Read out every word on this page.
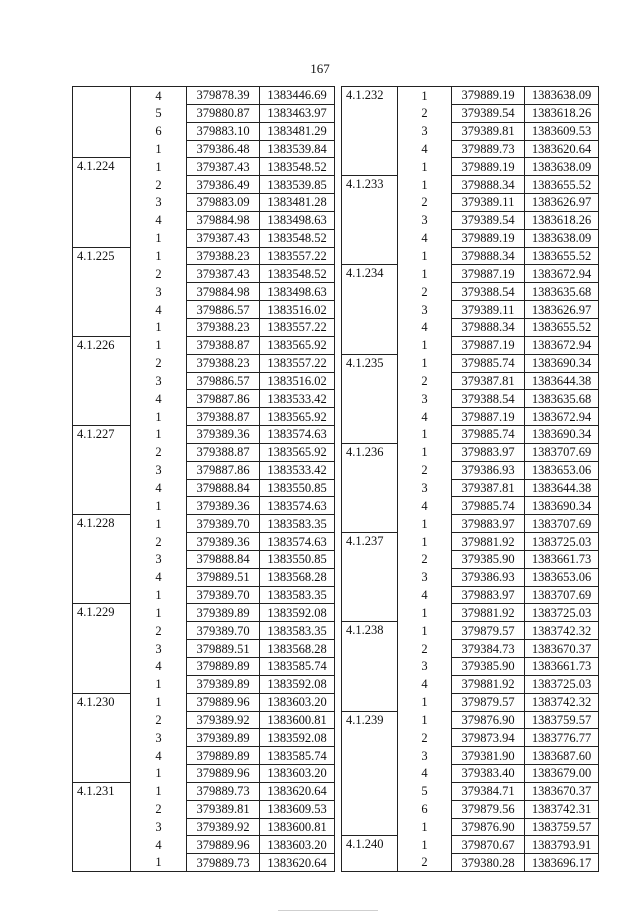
167
	4	379878.39	1383446.69
	5	379880.87	1383463.97
	6	379883.10	1383481.29
	1	379386.48	1383539.84
4.1.224	1	379387.43	1383548.52
	2	379386.49	1383539.85
	3	379883.09	1383481.28
	4	379884.98	1383498.63
	1	379387.43	1383548.52
4.1.225	1	379388.23	1383557.22
	2	379387.43	1383548.52
	3	379884.98	1383498.63
	4	379886.57	1383516.02
	1	379388.23	1383557.22
4.1.226	1	379388.87	1383565.92
	2	379388.23	1383557.22
	3	379886.57	1383516.02
	4	379887.86	1383533.42
	1	379388.87	1383565.92
4.1.227	1	379389.36	1383574.63
	2	379388.87	1383565.92
	3	379887.86	1383533.42
	4	379888.84	1383550.85
	1	379389.36	1383574.63
4.1.228	1	379389.70	1383583.35
	2	379389.36	1383574.63
	3	379888.84	1383550.85
	4	379889.51	1383568.28
	1	379389.70	1383583.35
4.1.229	1	379389.89	1383592.08
	2	379389.70	1383583.35
	3	379889.51	1383568.28
	4	379889.89	1383585.74
	1	379389.89	1383592.08
4.1.230	1	379889.96	1383603.20
	2	379389.92	1383600.81
	3	379389.89	1383592.08
	4	379889.89	1383585.74
	1	379889.96	1383603.20
4.1.231	1	379889.73	1383620.64
	2	379389.81	1383609.53
	3	379389.92	1383600.81
	4	379889.96	1383603.20
	1	379889.73	1383620.64
4.1.232	1	379889.19	1383638.09
	2	379389.54	1383618.26
	3	379389.81	1383609.53
	4	379889.73	1383620.64
	1	379889.19	1383638.09
4.1.233	1	379888.34	1383655.52
	2	379389.11	1383626.97
	3	379389.54	1383618.26
	4	379889.19	1383638.09
	1	379888.34	1383655.52
4.1.234	1	379887.19	1383672.94
	2	379388.54	1383635.68
	3	379389.11	1383626.97
	4	379888.34	1383655.52
	1	379887.19	1383672.94
4.1.235	1	379885.74	1383690.34
	2	379387.81	1383644.38
	3	379388.54	1383635.68
	4	379887.19	1383672.94
	1	379885.74	1383690.34
4.1.236	1	379883.97	1383707.69
	2	379386.93	1383653.06
	3	379387.81	1383644.38
	4	379885.74	1383690.34
	1	379883.97	1383707.69
4.1.237	1	379881.92	1383725.03
	2	379385.90	1383661.73
	3	379386.93	1383653.06
	4	379883.97	1383707.69
	1	379881.92	1383725.03
4.1.238	1	379879.57	1383742.32
	2	379384.73	1383670.37
	3	379385.90	1383661.73
	4	379881.92	1383725.03
	1	379879.57	1383742.32
4.1.239	1	379876.90	1383759.57
	2	379873.94	1383776.77
	3	379381.90	1383687.60
	4	379383.40	1383679.00
	5	379384.71	1383670.37
	6	379879.56	1383742.31
	1	379876.90	1383759.57
4.1.240	1	379870.67	1383793.91
	2	379380.28	1383696.17
